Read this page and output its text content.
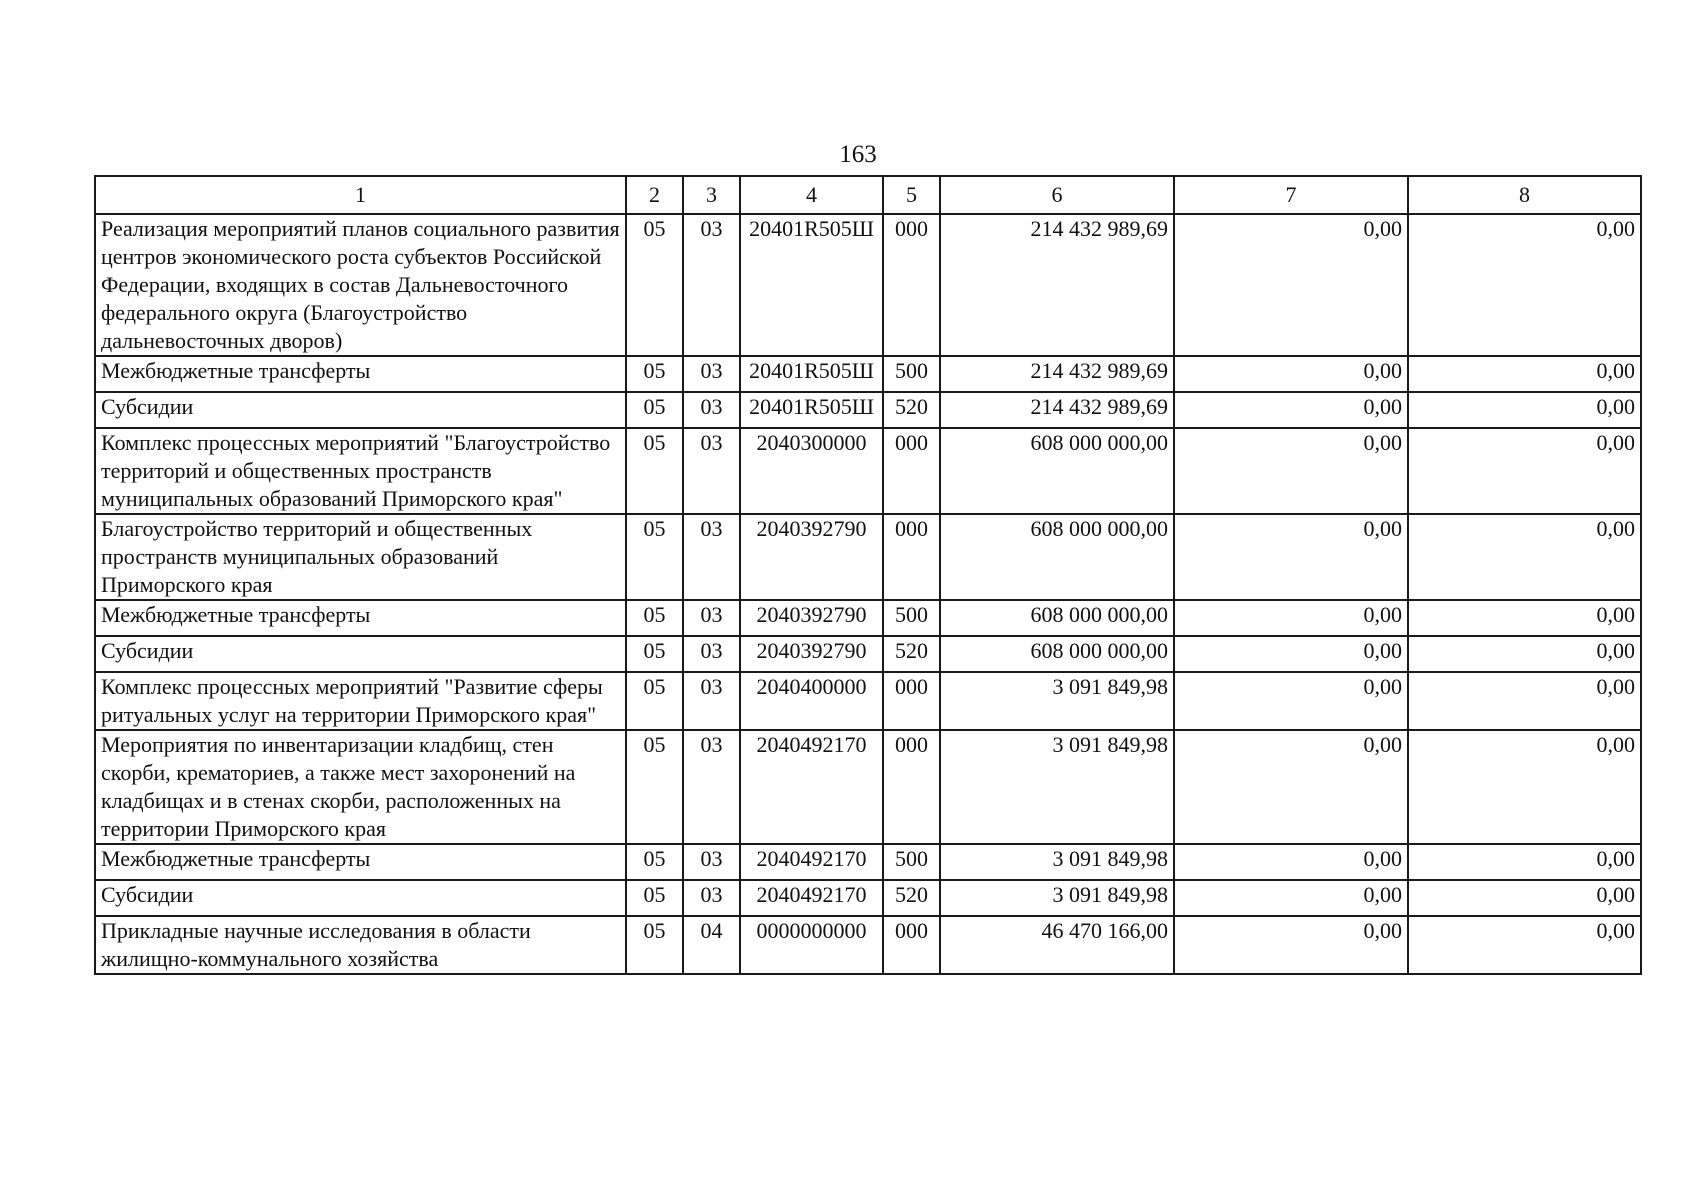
163
1	2	3	4	5	6	7	8
Реализация мероприятий планов социального развития центров экономического роста субъектов Российской Федерации, входящих в состав Дальневосточного федерального округа (Благоустройство дальневосточных дворов)	05	03	20401R505Ш	000	214 432 989,69	0,00	0,00
Межбюджетные трансферты	05	03	20401R505Ш	500	214 432 989,69	0,00	0,00
Субсидии	05	03	20401R505Ш	520	214 432 989,69	0,00	0,00
Комплекс процессных мероприятий "Благоустройство территорий и общественных пространств муниципальных образований Приморского края"	05	03	2040300000	000	608 000 000,00	0,00	0,00
Благоустройство территорий и общественных пространств муниципальных образований Приморского края	05	03	2040392790	000	608 000 000,00	0,00	0,00
Межбюджетные трансферты	05	03	2040392790	500	608 000 000,00	0,00	0,00
Субсидии	05	03	2040392790	520	608 000 000,00	0,00	0,00
Комплекс процессных мероприятий "Развитие сферы ритуальных услуг на территории Приморского края"	05	03	2040400000	000	3 091 849,98	0,00	0,00
Мероприятия по инвентаризации кладбищ, стен скорби, крематориев, а также мест захоронений на кладбищах и в стенах скорби, расположенных на территории Приморского края	05	03	2040492170	000	3 091 849,98	0,00	0,00
Межбюджетные трансферты	05	03	2040492170	500	3 091 849,98	0,00	0,00
Субсидии	05	03	2040492170	520	3 091 849,98	0,00	0,00
Прикладные научные исследования в области жилищно-коммунального хозяйства	05	04	0000000000	000	46 470 166,00	0,00	0,00
